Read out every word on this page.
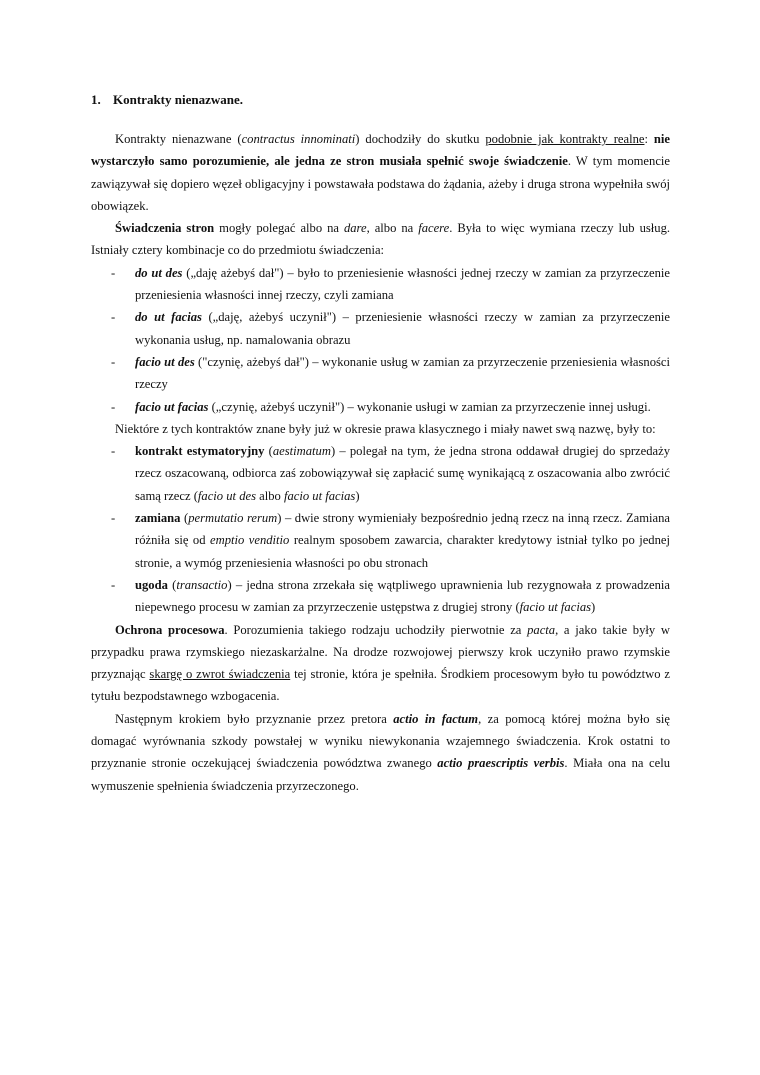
1. Kontrakty nienazwane.

Kontrakty nienazwane (contractus innominati) dochodziły do skutku podobnie jak kontrakty realne: nie wystarczyło samo porozumienie, ale jedna ze stron musiała spełnić swoje świadczenie. W tym momencie zawiązywał się dopiero węzeł obligacyjny i powstawała podstawa do żądania, ażeby i druga strona wypełniła swój obowiązek.

Świadczenia stron mogły polegać albo na dare, albo na facere. Była to więc wymiana rzeczy lub usług. Istniały cztery kombinacje co do przedmiotu świadczenia:

- do ut des („daję ażebyś dał") – było to przeniesienie własności jednej rzeczy w zamian za przyrzeczenie przeniesienia własności innej rzeczy, czyli zamiana
- do ut facias („daję, ażebyś uczynił") – przeniesienie własności rzeczy w zamian za przyrzeczenie wykonania usług, np. namalowania obrazu
- facio ut des ("czynię, ażebyś dał") – wykonanie usług w zamian za przyrzeczenie przeniesienia własności rzeczy
- facio ut facias („czynię, ażebyś uczynił") – wykonanie usługi w zamian za przyrzeczenie innej usługi.

Niektóre z tych kontraktów znane były już w okresie prawa klasycznego i miały nawet swą nazwę, były to:

- kontrakt estymatoryjny (aestimatum) – polegał na tym, że jedna strona oddawał drugiej do sprzedaży rzecz oszacowaną, odbiorca zaś zobowiązywał się zapłacić sumę wynikającą z oszacowania albo zwrócić samą rzecz (facio ut des albo facio ut facias)
- zamiana (permutatio rerum) – dwie strony wymieniały bezpośrednio jedną rzecz na inną rzecz. Zamiana różniła się od emptio venditio realnym sposobem zawarcia, charakter kredytowy istniał tylko po jednej stronie, a wymóg przeniesienia własności po obu stronach
- ugoda (transactio) – jedna strona zrzekała się wątpliwego uprawnienia lub rezygnowała z prowadzenia niepewnego procesu w zamian za przyrzeczenie ustępstwa z drugiej strony (facio ut facias)

Ochrona procesowa. Porozumienia takiego rodzaju uchodziły pierwotnie za pacta, a jako takie były w przypadku prawa rzymskiego niezaskarżalne. Na drodze rozwojowej pierwszy krok uczyniło prawo rzymskie przyznając skargę o zwrot świadczenia tej stronie, która je spełniła. Środkiem procesowym było tu powództwo z tytułu bezpodstawnego wzbogacenia.

Następnym krokiem było przyznanie przez pretora actio in factum, za pomocą której można było się domagać wyrównania szkody powstałej w wyniku niewykonania wzajemnego świadczenia. Krok ostatni to przyznanie stronie oczekującej świadczenia powództwa zwanego actio praescriptis verbis. Miała ona na celu wymuszenie spełnienia świadczenia przyrzeczonego.
